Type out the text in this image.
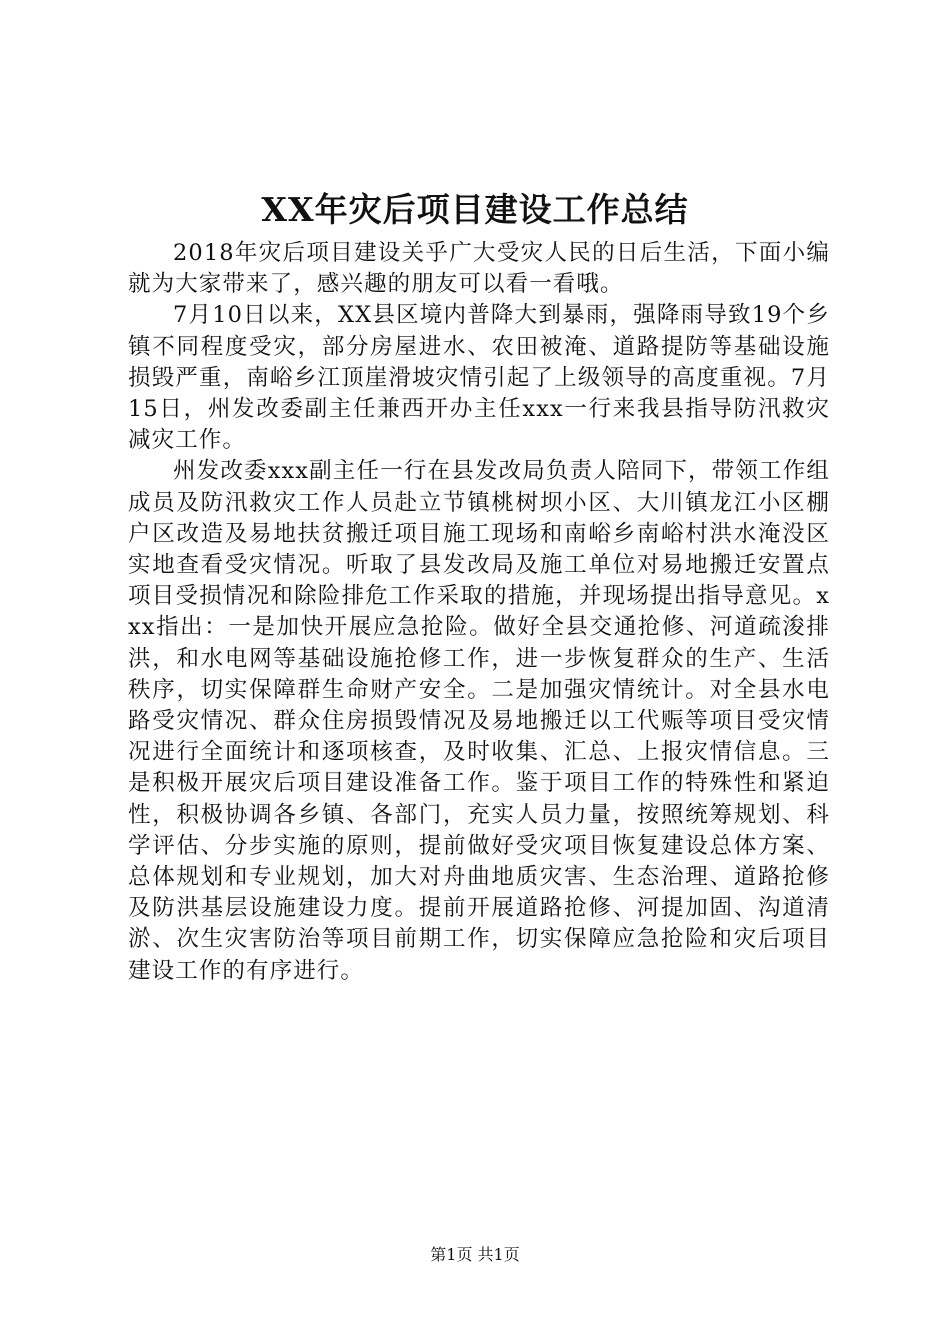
XX年灾后项目建设工作总结

2018年灾后项目建设关乎广大受灾人民的日后生活，下面小编就为大家带来了，感兴趣的朋友可以看一看哦。

7月10日以来，XX县区境内普降大到暴雨，强降雨导致19个乡镇不同程度受灾，部分房屋进水、农田被淹、道路提防等基础设施损毁严重，南峪乡江顶崖滑坡灾情引起了上级领导的高度重视。7月15日，州发改委副主任兼西开办主任xxx一行来我县指导防汛救灾减灾工作。

州发改委xxx副主任一行在县发改局负责人陪同下，带领工作组成员及防汛救灾工作人员赴立节镇桃树坝小区、大川镇龙江小区棚户区改造及易地扶贫搬迁项目施工现场和南峪乡南峪村洪水淹没区实地查看受灾情况。听取了县发改局及施工单位对易地搬迁安置点项目受损情况和除险排危工作采取的措施，并现场提出指导意见。xxx指出：一是加快开展应急抢险。做好全县交通抢修、河道疏浚排洪，和水电网等基础设施抢修工作，进一步恢复群众的生产、生活秩序，切实保障群生命财产安全。二是加强灾情统计。对全县水电路受灾情况、群众住房损毁情况及易地搬迁以工代赈等项目受灾情况进行全面统计和逐项核查，及时收集、汇总、上报灾情信息。三是积极开展灾后项目建设准备工作。鉴于项目工作的特殊性和紧迫性，积极协调各乡镇、各部门，充实人员力量，按照统筹规划、科学评估、分步实施的原则，提前做好受灾项目恢复建设总体方案、总体规划和专业规划，加大对舟曲地质灾害、生态治理、道路抢修及防洪基层设施建设力度。提前开展道路抢修、河提加固、沟道清淤、次生灾害防治等项目前期工作，切实保障应急抢险和灾后项目建设工作的有序进行。

第1页 共1页
